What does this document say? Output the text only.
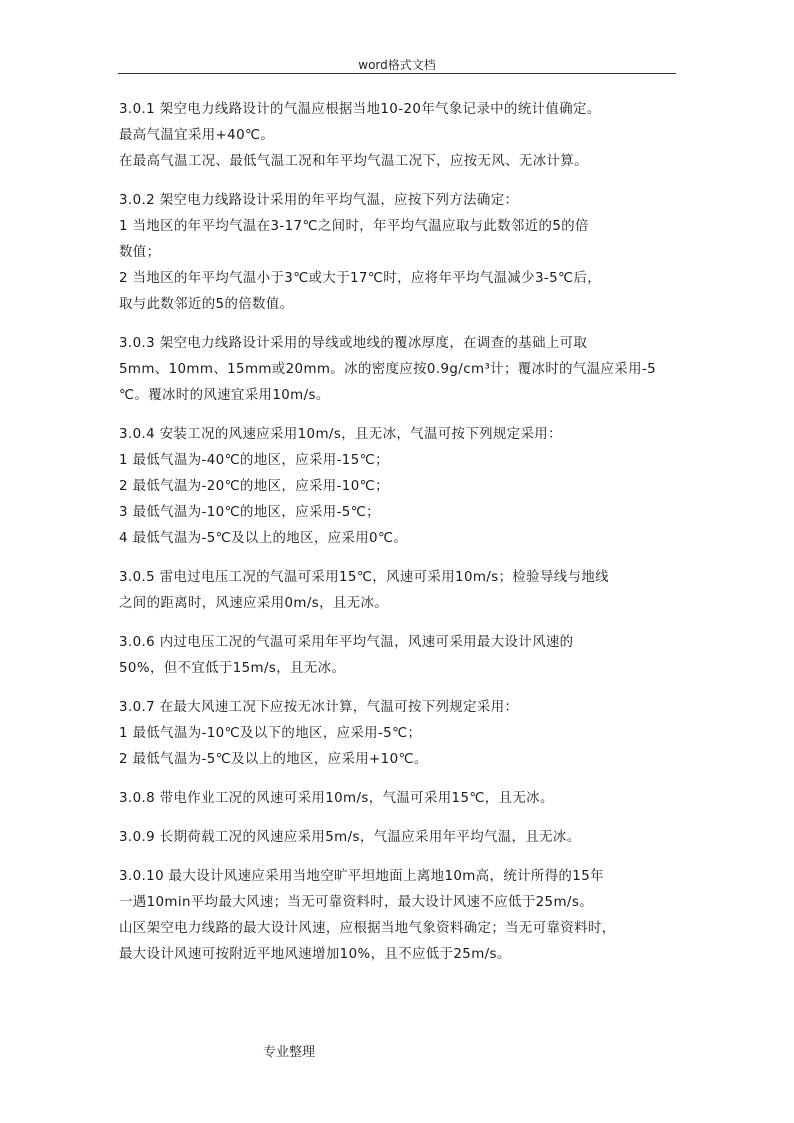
word格式文档
3.0.1 架空电力线路设计的气温应根据当地10-20年气象记录中的统计值确定。
最高气温宜采用+40℃。
在最高气温工况、最低气温工况和年平均气温工况下，应按无风、无冰计算。
3.0.2 架空电力线路设计采用的年平均气温，应按下列方法确定：
1 当地区的年平均气温在3-17℃之间时，年平均气温应取与此数邻近的5的倍
数值；
2 当地区的年平均气温小于3℃或大于17℃时，应将年平均气温减少3-5℃后，
取与此数邻近的5的倍数值。
3.0.3 架空电力线路设计采用的导线或地线的覆冰厚度，在调查的基础上可取
5mm、10mm、15mm或20mm。冰的密度应按0.9g/cm³计；覆冰时的气温应采用-5
℃。覆冰时的风速宜采用10m/s。
3.0.4 安装工况的风速应采用10m/s，且无冰，气温可按下列规定采用：
1 最低气温为-40℃的地区，应采用-15℃；
2 最低气温为-20℃的地区，应采用-10℃；
3 最低气温为-10℃的地区，应采用-5℃；
4 最低气温为-5℃及以上的地区，应采用0℃。
3.0.5 雷电过电压工况的气温可采用15℃，风速可采用10m/s；检验导线与地线
之间的距离时，风速应采用0m/s，且无冰。
3.0.6 内过电压工况的气温可采用年平均气温，风速可采用最大设计风速的
50%，但不宜低于15m/s，且无冰。
3.0.7 在最大风速工况下应按无冰计算，气温可按下列规定采用：
1 最低气温为-10℃及以下的地区，应采用-5℃；
2 最低气温为-5℃及以上的地区，应采用+10℃。
3.0.8 带电作业工况的风速可采用10m/s，气温可采用15℃，且无冰。
3.0.9 长期荷载工况的风速应采用5m/s，气温应采用年平均气温，且无冰。
3.0.10 最大设计风速应采用当地空旷平坦地面上离地10m高，统计所得的15年
一遇10min平均最大风速；当无可靠资料时，最大设计风速不应低于25m/s。
山区架空电力线路的最大设计风速，应根据当地气象资料确定；当无可靠资料时，
最大设计风速可按附近平地风速增加10%，且不应低于25m/s。
专业整理
